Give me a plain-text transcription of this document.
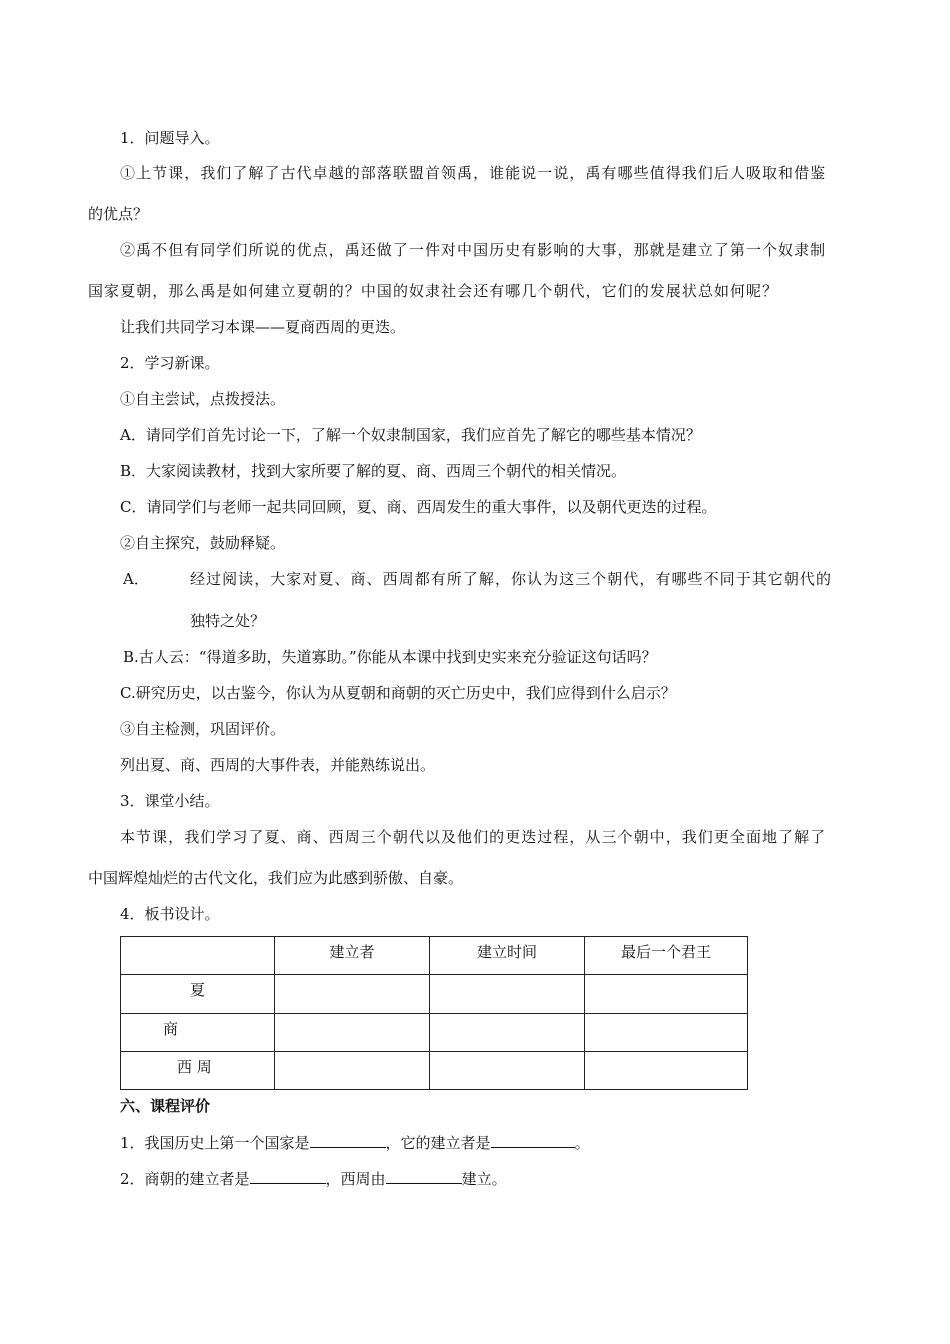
1．问题导入。
①上节课，我们了解了古代卓越的部落联盟首领禹，谁能说一说，禹有哪些值得我们后人吸取和借鉴
的优点？
②禹不但有同学们所说的优点，禹还做了一件对中国历史有影响的大事，那就是建立了第一个奴隶制
国家夏朝，那么禹是如何建立夏朝的？中国的奴隶社会还有哪几个朝代，它们的发展状总如何呢？
让我们共同学习本课——夏商西周的更迭。
2．学习新课。
①自主尝试，点拨授法。
A．请同学们首先讨论一下，了解一个奴隶制国家，我们应首先了解它的哪些基本情况？
B．大家阅读教材，找到大家所要了解的夏、商、西周三个朝代的相关情况。
C．请同学们与老师一起共同回顾，夏、商、西周发生的重大事件，以及朝代更迭的过程。
②自主探究，鼓励释疑。
A．	经过阅读，大家对夏、商、西周都有所了解，你认为这三个朝代，有哪些不同于其它朝代的
独特之处？
B.古人云：“得道多助，失道寡助。”你能从本课中找到史实来充分验证这句话吗？
C.研究历史，以古鉴今，你认为从夏朝和商朝的灭亡历史中，我们应得到什么启示？
③自主检测，巩固评价。
列出夏、商、西周的大事件表，并能熟练说出。
3．课堂小结。
本节课，我们学习了夏、商、西周三个朝代以及他们的更迭过程，从三个朝中，我们更全面地了解了
中国辉煌灿烂的古代文化，我们应为此感到骄傲、自豪。
4．板书设计。

	建立者	建立时间	最后一个君王

夏			

商			

西 周			

六、课程评价
1．我国历史上第一个国家是	，它的建立者是	。
2．商朝的建立者是	，西周由	建立。
